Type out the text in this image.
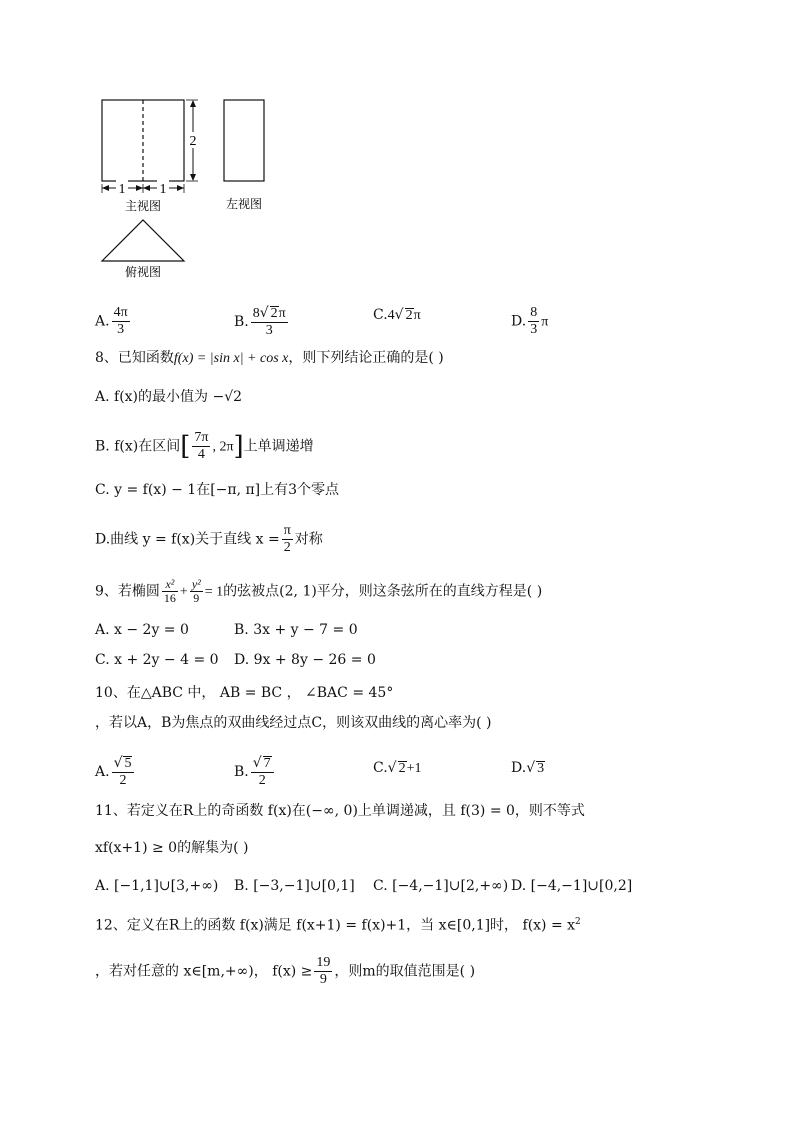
2
1 1
主视图	左视图
俯视图
A. $\frac{4\pi}{3}$	B. $\frac{8√ 2\pi}{3}$	C.4√ 2π	D. $\frac{8}{3}$ π
8、已知函数f(x) = |sin x| + cos x，则下列结论正确的是( )
A. f(x)的最小值为 −√2
B. f(x)在区间[ $\frac{7\pi}{4}$ , 2π]上单调递增
C. y = f(x) − 1在[−π, π]上有3个零点
D.曲线 y = f(x)关于直线 $x = \frac{\pi}{2}$ 对称
9、若椭圆 $\frac{\text{x²}}{16} + \frac{\text{y²}}{9} = 1$的弦被点(2, 1)平分，则这条弦所在的直线方程是( )
A. x − 2y = 0	B. 3x + y − 7 = 0
C. x + 2y − 4 = 0 D. 9x + 8y − 26 = 0
10、在△ABC 中， AB = BC ， ∠BAC = 45°
，若以A，B为焦点的双曲线经过点C，则该双曲线的离心率为( )
A. $\frac{√ 5}{2}$	B. $\frac{√ 7}{2}$	C.√ 2+1	D.√ 3
11、若定义在R上的奇函数 f(x)在(−∞, 0)上单调递减，且 f(3) = 0，则不等式
xf(x+1) ≥ 0的解集为( )
A. [−1,1]∪[3,+∞) B. [−3,−1]∪[0,1] C. [−4,−1]∪[2,+∞) D. [−4,−1]∪[0,2]
12、定义在R上的函数 f(x)满足 f(x+1) = f(x)+1，当 x∈[0,1]时， $f(x) = x^2$
，若对任意的 x∈[m,+∞)， $f(x) \ge \frac{19}{9}$ ，则m的取值范围是( )
